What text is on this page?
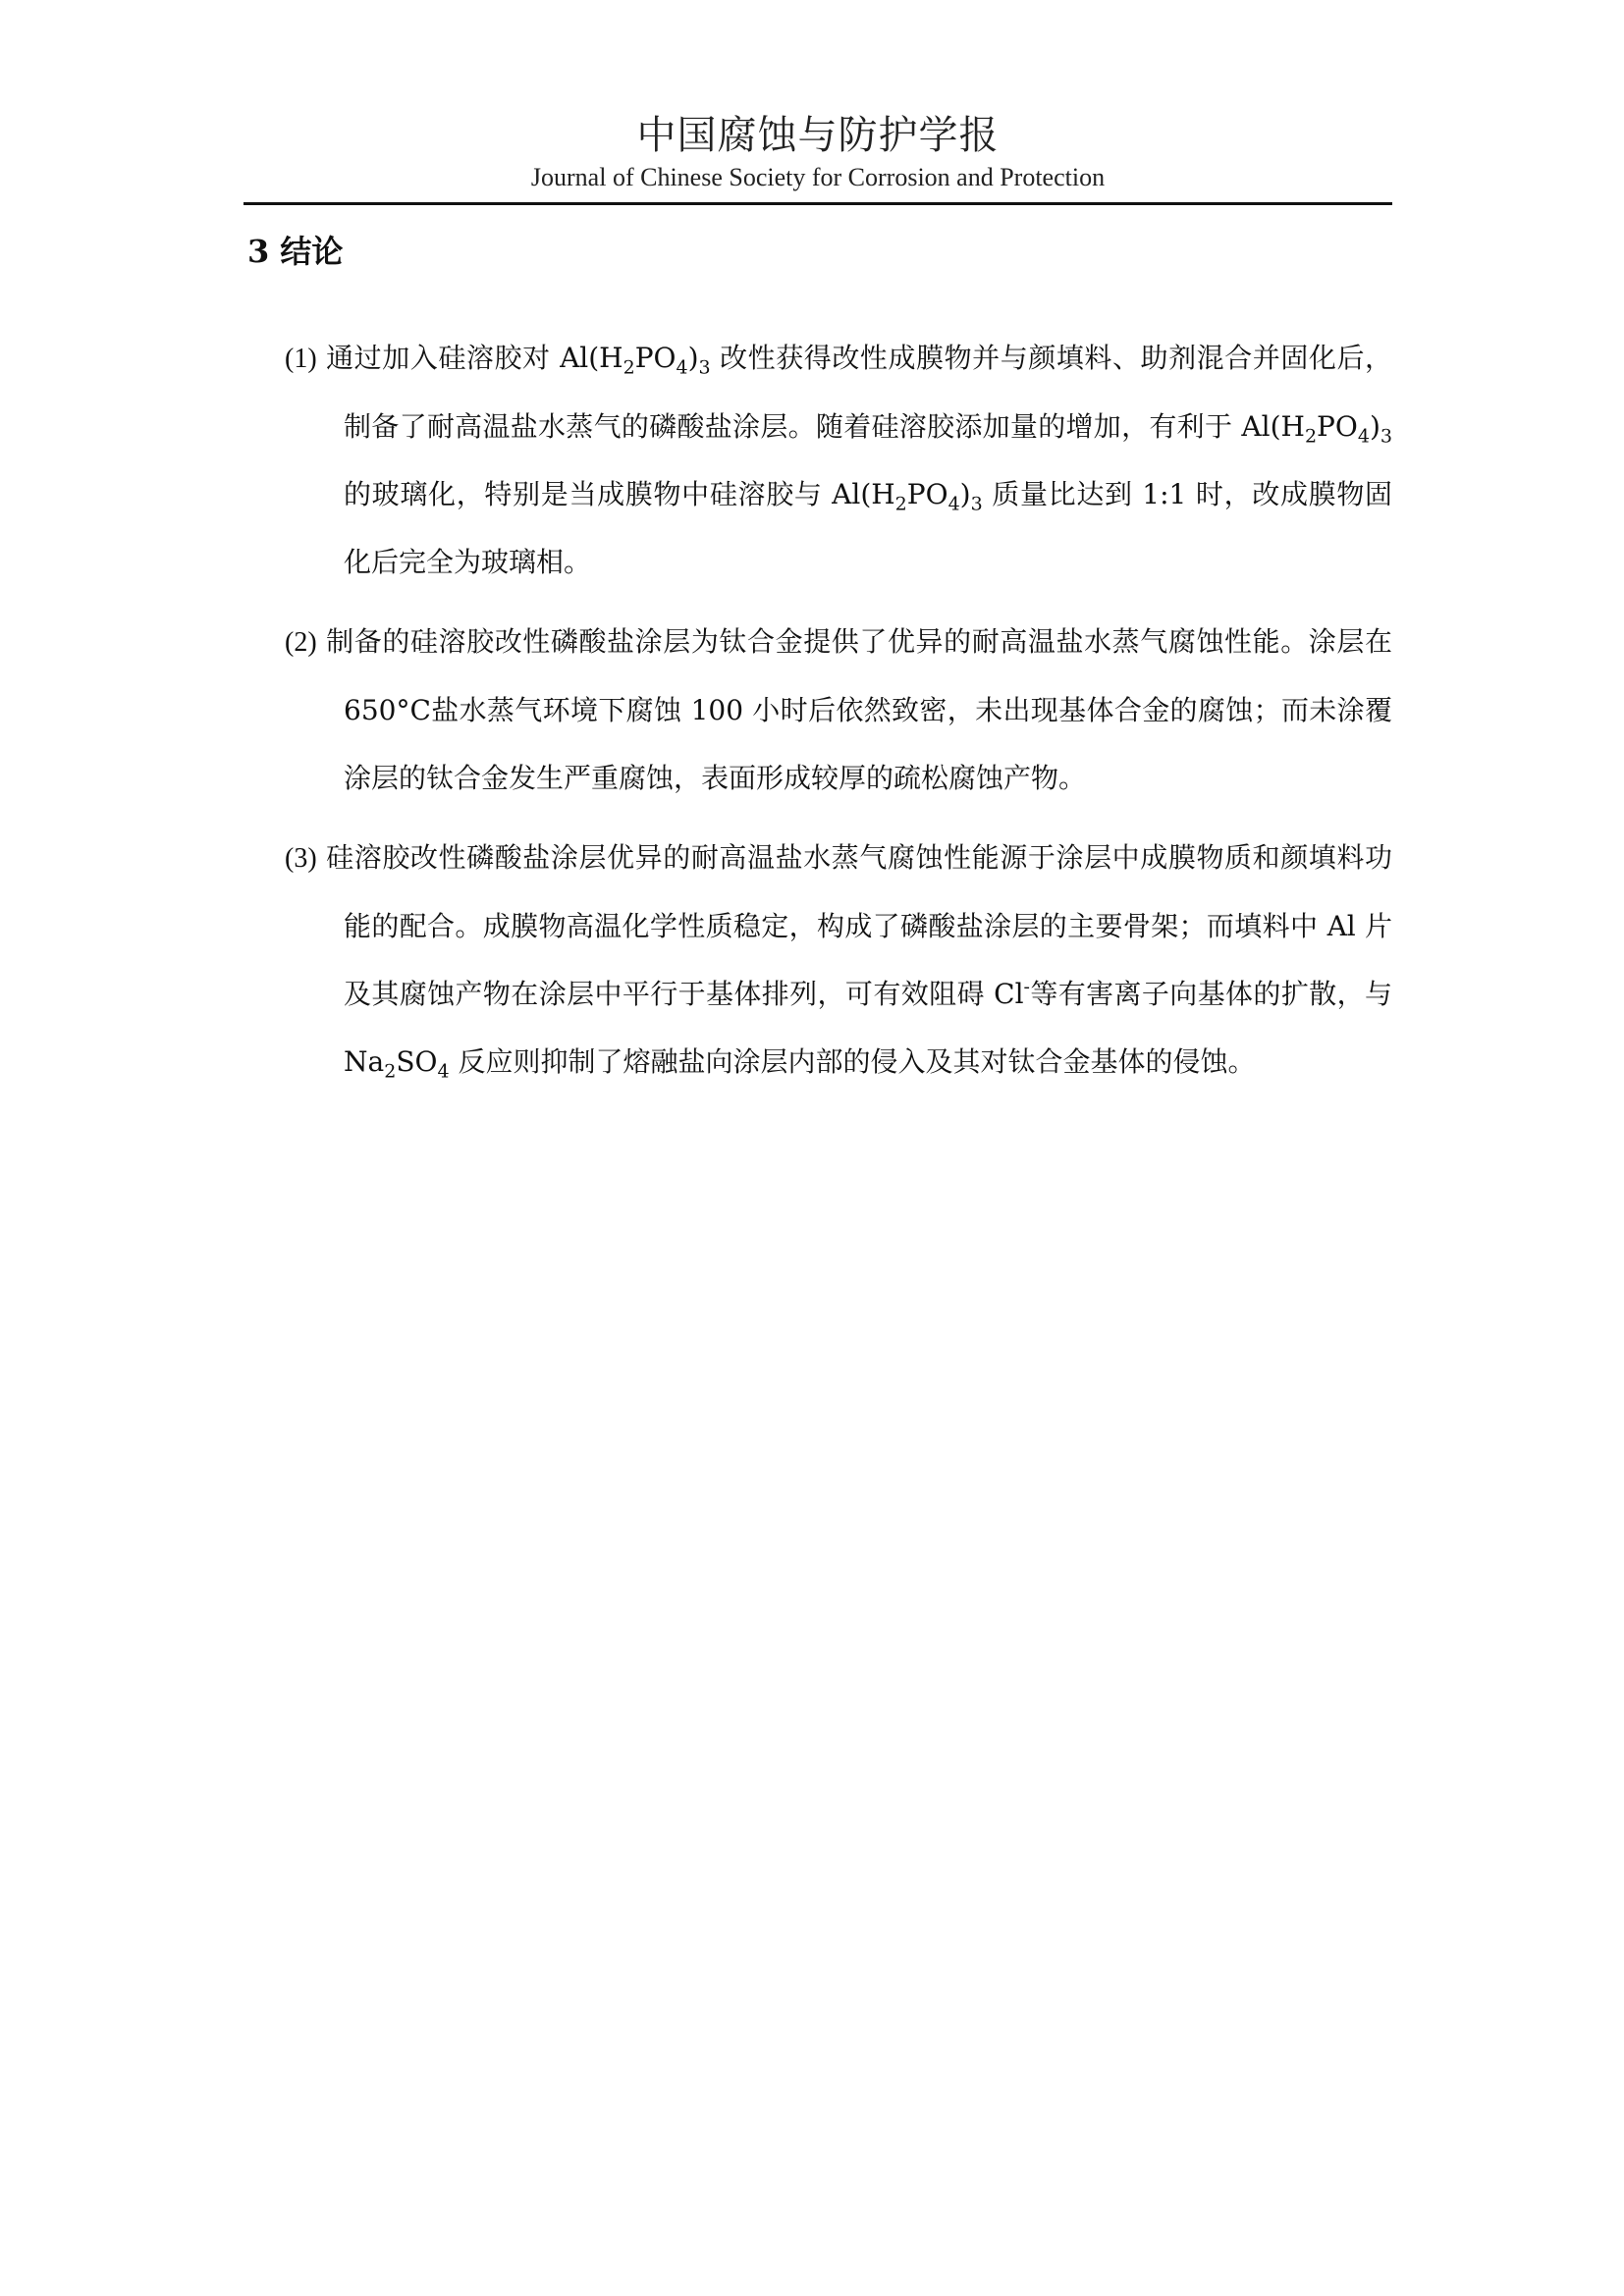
中国腐蚀与防护学报
Journal of Chinese Society for Corrosion and Protection
3 结论

(1) 通过加入硅溶胶对 $Al(H_2PO_4)_3$ 改性获得改性成膜物并与颜填料、助剂混合并固化后，制备了耐高温盐水蒸气的磷酸盐涂层。随着硅溶胶添加量的增加，有利于 $Al(H_2PO_4)_3$ 的玻璃化，特别是当成膜物中硅溶胶与 $Al(H_2PO_4)_3$ 质量比达到 1:1 时，改成膜物固化后完全为玻璃相。

(2) 制备的硅溶胶改性磷酸盐涂层为钛合金提供了优异的耐高温盐水蒸气腐蚀性能。涂层在 650°C盐水蒸气环境下腐蚀 100 小时后依然致密，未出现基体合金的腐蚀；而未涂覆涂层的钛合金发生严重腐蚀，表面形成较厚的疏松腐蚀产物。

(3) 硅溶胶改性磷酸盐涂层优异的耐高温盐水蒸气腐蚀性能源于涂层中成膜物质和颜填料功能的配合。成膜物高温化学性质稳定，构成了磷酸盐涂层的主要骨架；而填料中 Al 片及其腐蚀产物在涂层中平行于基体排列，可有效阻碍 Cl-等有害离子向基体的扩散，与 $Na_2SO_4$ 反应则抑制了熔融盐向涂层内部的侵入及其对钛合金基体的侵蚀。
